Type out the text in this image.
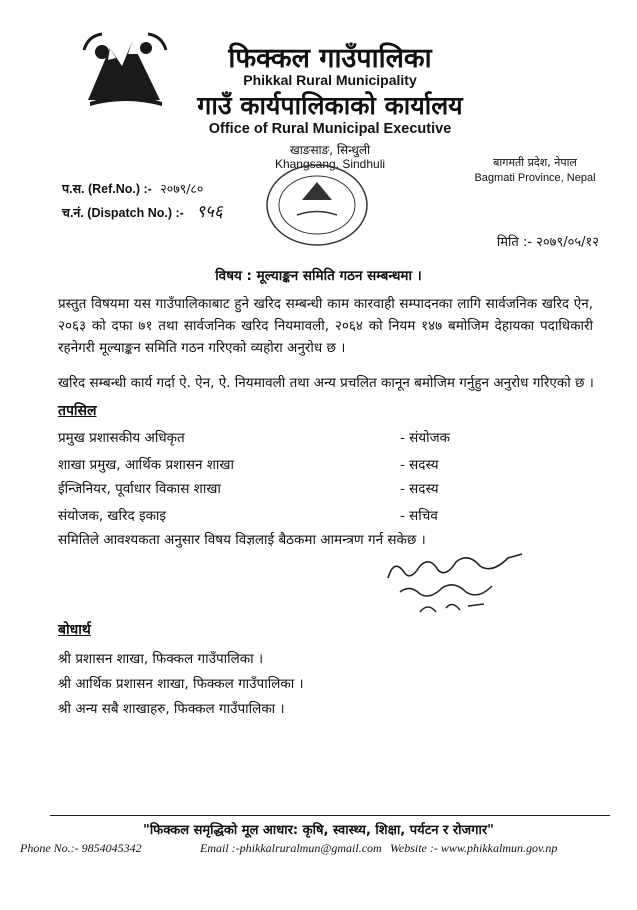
फिक्कल गाउँपालिका
Phikkal Rural Municipality
गाउँ कार्यपालिकाको कार्यालय
Office of Rural Municipal Executive
खाङसाङ, सिन्धुली
Khangsang, Sindhuli	बागमती प्रदेश, नेपाल
Bagmati Province, Nepal
प.स. (Ref.No.) :- २०७९/८०
च.नं. (Dispatch No.) :- ९५६
मिति :- २०७९/०५/१२
विषय : मूल्याङ्कन समिति गठन सम्बन्धमा ।
प्रस्तुत विषयमा यस गाउँपालिकाबाट हुने खरिद सम्बन्धी काम कारवाही सम्पादनका लागि सार्वजनिक खरिद ऐन, २०६३ को दफा ७१ तथा सार्वजनिक खरिद नियमावली, २०६४ को नियम १४७ बमोजिम देहायका पदाधिकारी रहनेगरी मूल्याङ्कन समिति गठन गरिएको व्यहोरा अनुरोध छ ।
खरिद सम्बन्धी कार्य गर्दा ऐ. ऐन, ऐ. नियमावली तथा अन्य प्रचलित कानून बमोजिम गर्नुहुन अनुरोध गरिएको छ ।
तपसिल
प्रमुख प्रशासकीय अधिकृत	- संयोजक
शाखा प्रमुख, आर्थिक प्रशासन शाखा	- सदस्य
ईन्जिनियर, पूर्वाधार विकास शाखा	- सदस्य
संयोजक, खरिद इकाइ	- सचिव
समितिले आवश्यकता अनुसार विषय विज्ञलाई बैठकमा आमन्त्रण गर्न सकेछ ।
बोधार्थ
श्री प्रशासन शाखा, फिक्कल गाउँपालिका ।
श्री आर्थिक प्रशासन शाखा, फिक्कल गाउँपालिका ।
श्री अन्य सबै शाखाहरु, फिक्कल गाउँपालिका ।
"फिक्कल समृद्धिको मूल आधार: कृषि, स्वास्थ्य, शिक्षा, पर्यटन र रोजगार"
Phone No.:- 9854045342	Email :-phikkalruralmun@gmail.com Website :- www.phikkalmun.gov.np
